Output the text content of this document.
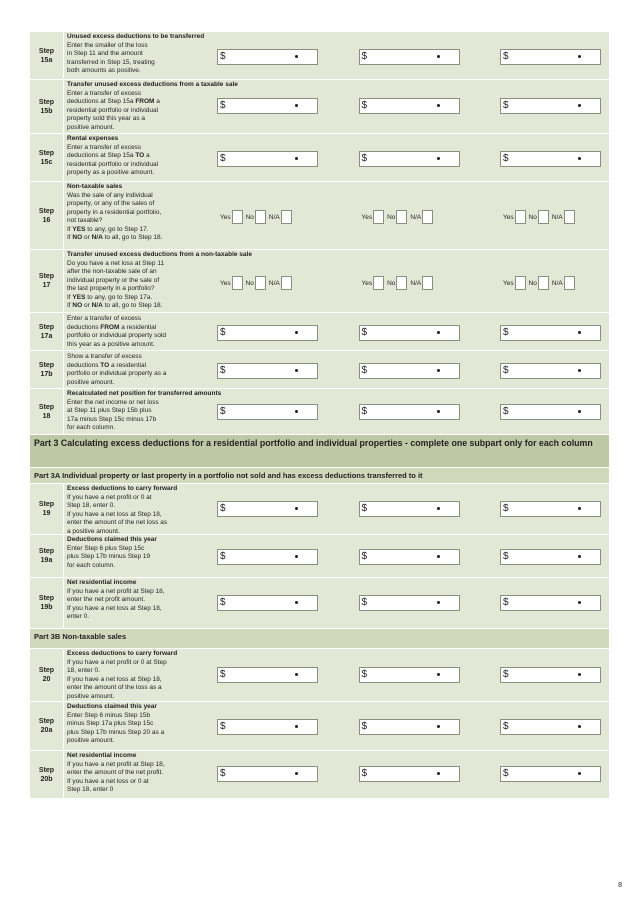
Step
15a
Unused excess deductions to be transferred
Enter the smaller of the loss
in Step 11 and the amount
transferred in Step 15, treating
both amounts as positive.
$	$	$
Step
15b
Transfer unused excess deductions from a taxable sale
Enter a transfer of excess
deductions at Step 15a FROM a
residential portfolio or individual
property sold this year as a
positive amount.
$	$	$
Step
15c
Rental expenses
Enter a transfer of excess
deductions at Step 15a TO a
residential portfolio or individual
property as a positive amount.
$	$	$
Step
16
Non-taxable sales
Was the sale of any individual
property, or any of the sales of
property in a residential portfolio,
not taxable?
If YES to any, go to Step 17.
If NO or N/A to all, go to Step 18.
Yes	No	N/A	Yes	No	N/A	Yes	No	N/A
Step
17
Transfer unused excess deductions from a non-taxable sale
Do you have a net loss at Step 11
after the non-taxable sale of an
individual property or the sale of
the last property in a portfolio?
If YES to any, go to Step 17a.
If NO or N/A to all, go to Step 18.
Yes	No	N/A	Yes	No	N/A	Yes	No	N/A
Step
17a
Enter a transfer of excess
deductions FROM a residential
portfolio or individual property sold
this year as a positive amount.
$	$	$
Step
17b
Show a transfer of excess
deductions TO a residential
portfolio or individual property as a
positive amount.
$	$	$
Step
18
Recalculated net position for transferred amounts
Enter the net income or net loss
at Step 11 plus Step 15b plus
17a minus Step 15c minus 17b
for each column.
$	$	$
Part 3 Calculating excess deductions for a residential portfolio and individual properties - complete one subpart only for each column
Part 3A Individual property or last property in a portfolio not sold and has excess deductions transferred to it
Step
19
Excess deductions to carry forward
If you have a net profit or 0 at
Step 18, enter 0.
If you have a net loss at Step 18,
enter the amount of the net loss as
a positive amount.
$	$	$
Step
19a
Deductions claimed this year
Enter Step 6 plus Step 15c
plus Step 17b minus Step 19
for each column.
$	$	$
Step
19b
Net residential income
If you have a net profit at Step 18,
enter the net profit amount.
If you have a net loss at Step 18,
enter 0.
$	$	$
Part 3B Non-taxable sales
Step
20
Excess deductions to carry forward
If you have a net profit or 0 at Step
18, enter 0.
If you have a net loss at Step 18,
enter the amount of the loss as a
positive amount.
$	$	$
Step
20a
Deductions claimed this year
Enter Step 6 minus Step 15b
minus Step 17a plus Step 15c
plus Step 17b minus Step 20 as a
positive amount.
$	$	$
Step
20b
Net residential income
If you have a net profit at Step 18,
enter the amount of the net profit.
If you have a net loss or 0 at
Step 18, enter 0
$	$	$
8
